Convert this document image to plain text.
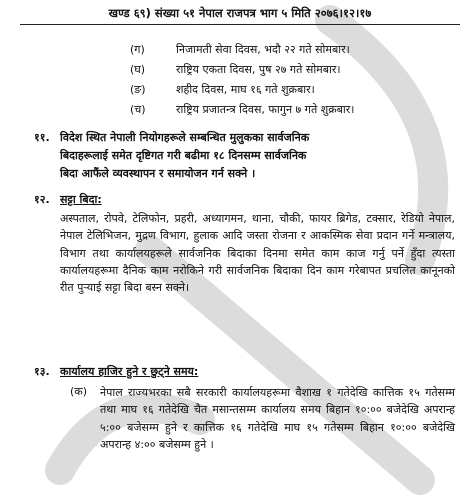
खण्ड ६९) संख्या ५१ नेपाल राजपत्र भाग ५ मिति २०७६।१२।१७
(ग)	निजामती सेवा दिवस, भदौ २२ गते सोमबार।
(घ)	राष्ट्रिय एकता दिवस, पुष २७ गते सोमबार।
(ङ)	शहीद दिवस, माघ १६ गते शुक्रबार।
(च)	राष्ट्रिय प्रजातन्त्र दिवस, फागुन ७ गते शुक्रबार।
११. विदेश स्थित नेपाली नियोगहरूले सम्बन्धित मुलुकका सार्वजनिक
बिदाहरूलाई समेत दृष्टिगत गरी बढीमा १८ दिनसम्म सार्वजनिक
बिदा आफैंले व्यवस्थापन र समायोजन गर्न सक्ने ।
१२. सट्टा बिदा:
अस्पताल, रोपवे, टेलिफोन, प्रहरी, अध्यागमन, थाना, चौकी, फायर ब्रिगेड, टक्सार, रेडियो नेपाल, नेपाल टेलिभिजन, मुद्रण विभाग, हुलाक आदि जस्ता रोजना र आकस्मिक सेवा प्रदान गर्ने मन्त्रालय, विभाग तथा कार्यालयहरूले सार्वजनिक बिदाका दिनमा समेत काम काज गर्नु पर्ने हुँदा त्यस्ता कार्यालयहरूमा दैनिक काम नरोकिने गरी सार्वजनिक बिदाका दिन काम गरेबापत प्रचलित कानूनको रीत पुऱ्याई सट्टा बिदा बस्न सक्ने।
१३. कार्यालय हाजिर हुने र छुट्ने समय:
(क) नेपाल राज्यभरका सबै सरकारी कार्यालयहरूमा वैशाख १ गतेदेखि कात्तिक १५ गतेसम्म तथा माघ १६ गतेदेखि चैत मसान्तसम्म कार्यालय समय बिहान १०:०० बजेदेखि अपरान्ह ५:०० बजेसम्म हुने र कात्तिक १६ गतेदेखि माघ १५ गतेसम्म बिहान १०:०० बजेदेखि अपरान्ह ४:०० बजेसम्म हुने ।
